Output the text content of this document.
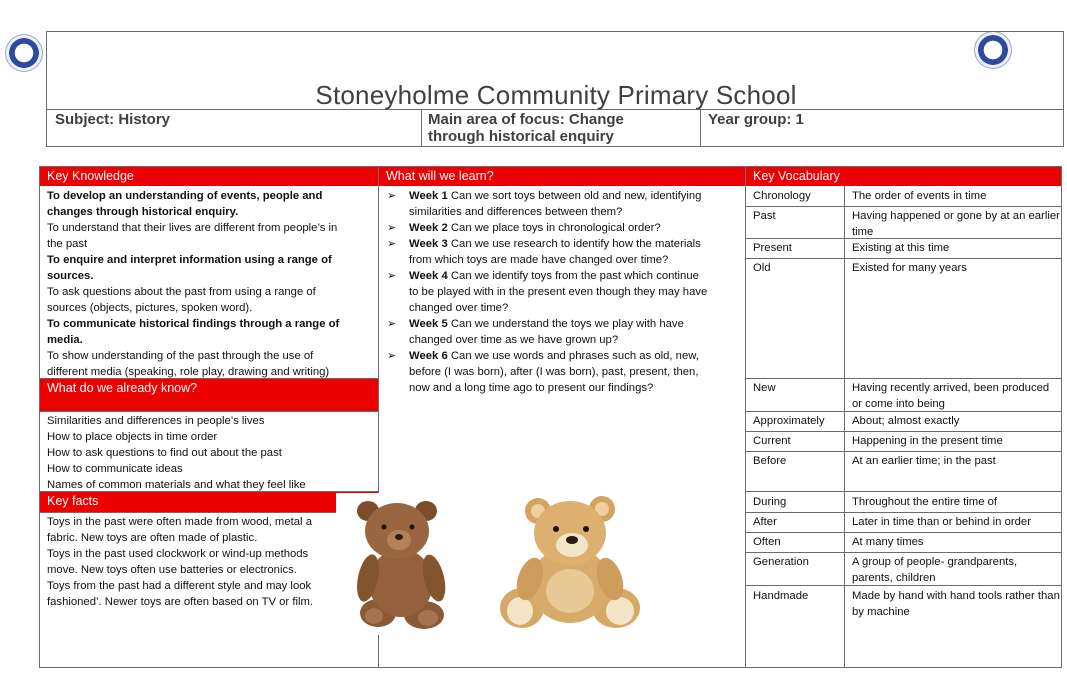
Stoneyholme Community Primary School
Subject: History	Main area of focus: Change
through historical enquiry
Year group: 1
Key Knowledge	What will we learn?	Key Vocabulary
What do we already know?
Key facts
To develop an understanding of events, people and
changes through historical enquiry.
To understand that their lives are different from people’s in
the past
To enquire and interpret information using a range of
sources.
To ask questions about the past from using a range of
sources (objects, pictures, spoken word).
To communicate historical findings through a range of
media.
To show understanding of the past through the use of
different media (speaking, role play, drawing and writing)
Similarities and differences in people’s lives
How to place objects in time order
How to ask questions to find out about the past
How to communicate ideas
Names of common materials and what they feel like
Toys in the past were often made from wood, metal a
fabric. New toys are often made of plastic.
Toys in the past used clockwork or wind-up methods
move. New toys often use batteries or electronics.
Toys from the past had a different style and may look
fashioned’. Newer toys are often based on TV or film.
➢ Week 1 Can we sort toys between old and new, identifying
similarities and differences between them?
➢ Week 2 Can we place toys in chronological order?
➢ Week 3 Can we use research to identify how the materials
from which toys are made have changed over time?
➢ Week 4 Can we identify toys from the past which continue
to be played with in the present even though they may have
changed over time?
➢ Week 5 Can we understand the toys we play with have
changed over time as we have grown up?
➢ Week 6 Can we use words and phrases such as old, new,
before (I was born), after (I was born), past, present, then,
now and a long time ago to present our findings?
Chronology	The order of events in time
Past	Having happened or gone by at an earlier time
Present	Existing at this time
Old	Existed for many years
New	Having recently arrived, been produced or come into being
Approximately About; almost exactly
Current	Happening in the present time
Before	At an earlier time; in the past
During	Throughout the entire time of
After	Later in time than or behind in order
Often	At many times
Generation	A group of people- grandparents, parents, children
Handmade	Made by hand with hand tools rather than by machine
